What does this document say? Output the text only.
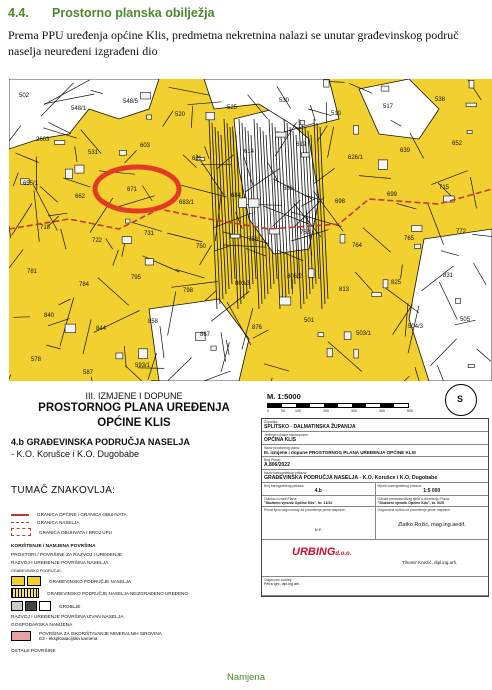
4.4. Prostorno planska obilježja
Prema PPU uređenja općine Klis, predmetna nekretnina nalazi se unutar građevinskog područ
naselja neuređeni izgrađeni dio
502
548/1
548/5
520
525
530
510
517
538
2603
531
603
611
614
619
626/1
639
652
655/1
662
671
683/1
684
686
698
699
715
718
722
731
750
758
763
764
765
772
781
784
795
798
803/3
806/2
813
825
831
840
844
858
867
876
501
503/1
504/3
505
578
587
593/1
III. IZMJENE I DOPUNE
PROSTORNOG PLANA UREĐENJA
OPĆINE KLIS
4.b GRAĐEVINSKA PODRUČJA NASELJA
- K.O. Korušce i K.O. Dugobabe
TUMAČ ZNAKOVLJA:
GRANICA OPĆINE / GRANICA OBUHVATA
GRANICA NASELJA
GRANICA OBUHVATA I BROJ UPU
KORIŠTENJE / NAMJENA POVRŠINA
PROSTORI / POVRŠINE ZA RAZVOJ I UREĐENJE
RAZVOJ I UREĐENJE POVRŠINA NASELJA
GRAĐEVINSKO PODRUČJE:
GRAĐEVINSKO PODRUČJE NASELJA
GRAĐEVINSKO PODRUČJE NASELJA NEIZGRAĐENO UREĐENO
GROBLJE
RAZVOJ I UREĐENJE POVRŠINA IZVAN NASELJA
GOSPODARSKA NAMJENA
POVRŠINA ZA ISKORIŠTAVANJE MINERALNIH SIROVINA
E3 - eksploatacijska kamena
OSTALE POVRŠINE
M. 1:5000
0	50	100	200	300	400	500
S
Županija:
SPLITSKO - DALMATINSKA ŽUPANIJA
Jedinica lokalne samouprave:
OPĆINA KLIS
Naziv prostornog plana:
III. izmjene i dopune PROSTORNOG PLANA UREĐENJA OPĆINE KLIS
Broj Plana:
A.806/2022
Naziv kartografskog prikaza:
GRAĐEVINSKA PODRUČJA NASELJA - K.O. Korušce i K.O. Dugobabe
Broj kartografskog prikaza:
4.b
Mjerilo kartografskog prikaza:
1:5 000
Odluka o izradi Plana:
"Službeni vjesnik Općine Klis", br. 11/22
Odluka predstavničkog tijela o donošenju Plana:
"Službeni vjesnik Općine Klis", br. 5/25
Pečat tijela odgovornog za provođenje javne rasprave:
M.P.
Odgovorna osoba za provođenje javne rasprave:
Zlatko Rožić, mag.ing.aedif.
URBINGd.o.o.
Tihomir Knezić, dipl.ing.arh.
Odgovorni voditelj:
Petra Igrc, dipl.ing.arh.
Namjena
